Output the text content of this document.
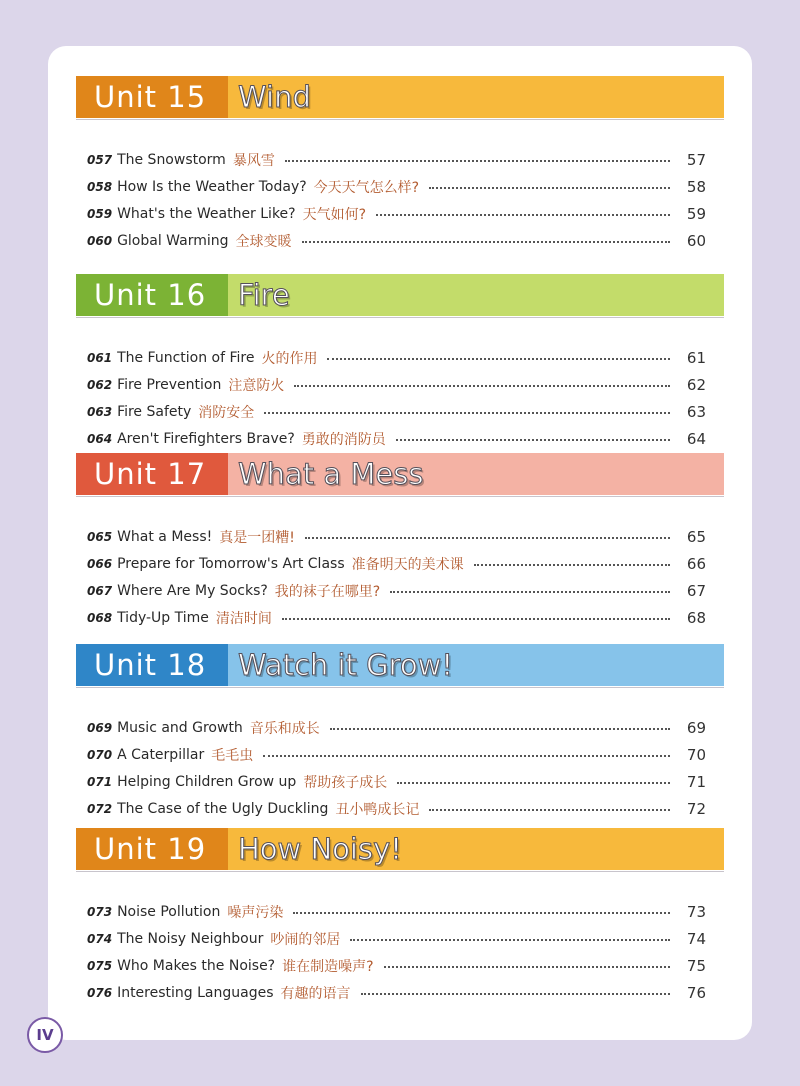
Unit 15	Wind
057 The Snowstorm 暴风雪	57
058 How Is the Weather Today? 今天天气怎么样?	58
059 What's the Weather Like? 天气如何?	59
060 Global Warming 全球变暖	60
Unit 16	Fire
061 The Function of Fire 火的作用	61
062 Fire Prevention 注意防火	62
063 Fire Safety 消防安全	63
064 Aren't Firefighters Brave? 勇敢的消防员	64
Unit 17	What a Mess
065 What a Mess! 真是一团糟!	65
066 Prepare for Tomorrow's Art Class 准备明天的美术课	66
067 Where Are My Socks? 我的袜子在哪里?	67
068 Tidy-Up Time 清洁时间	68
Unit 18	Watch it Grow!
069 Music and Growth 音乐和成长	69
070 A Caterpillar 毛毛虫	70
071 Helping Children Grow up 帮助孩子成长	71
072 The Case of the Ugly Duckling 丑小鸭成长记	72
Unit 19	How Noisy!
073 Noise Pollution 噪声污染	73
074 The Noisy Neighbour 吵闹的邻居	74
075 Who Makes the Noise? 谁在制造噪声?	75
076 Interesting Languages 有趣的语言	76
IV
